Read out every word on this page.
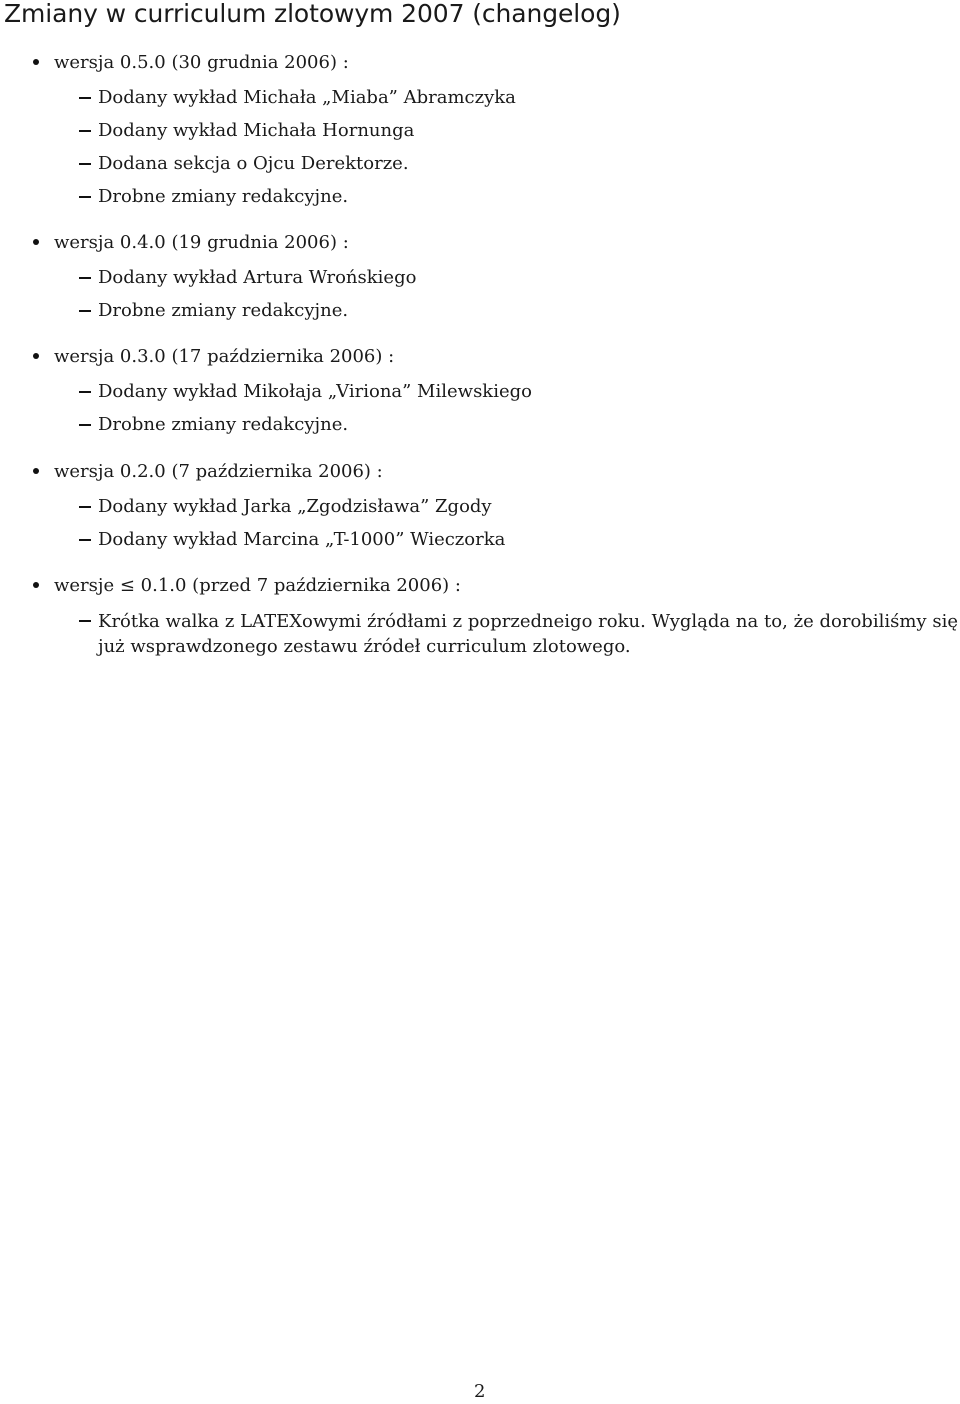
Zmiany w curriculum zlotowym 2007 (changelog)
wersja 0.5.0 (30 grudnia 2006) :
Dodany wykład Michała „Miaba” Abramczyka
Dodany wykład Michała Hornunga
Dodana sekcja o Ojcu Derektorze.
Drobne zmiany redakcyjne.
wersja 0.4.0 (19 grudnia 2006) :
Dodany wykład Artura Wrońskiego
Drobne zmiany redakcyjne.
wersja 0.3.0 (17 października 2006) :
Dodany wykład Mikołaja „Viriona” Milewskiego
Drobne zmiany redakcyjne.
wersja 0.2.0 (7 października 2006) :
Dodany wykład Jarka „Zgodzisława” Zgody
Dodany wykład Marcina „T-1000” Wieczorka
wersje ≤ 0.1.0 (przed 7 października 2006) :
Krótka walka z LATEXowymi źródłami z poprzedneigo roku. Wygląda na to, że dorobiliśmy się już wsprawdzonego zestawu źródeł curriculum zlotowego.
2
